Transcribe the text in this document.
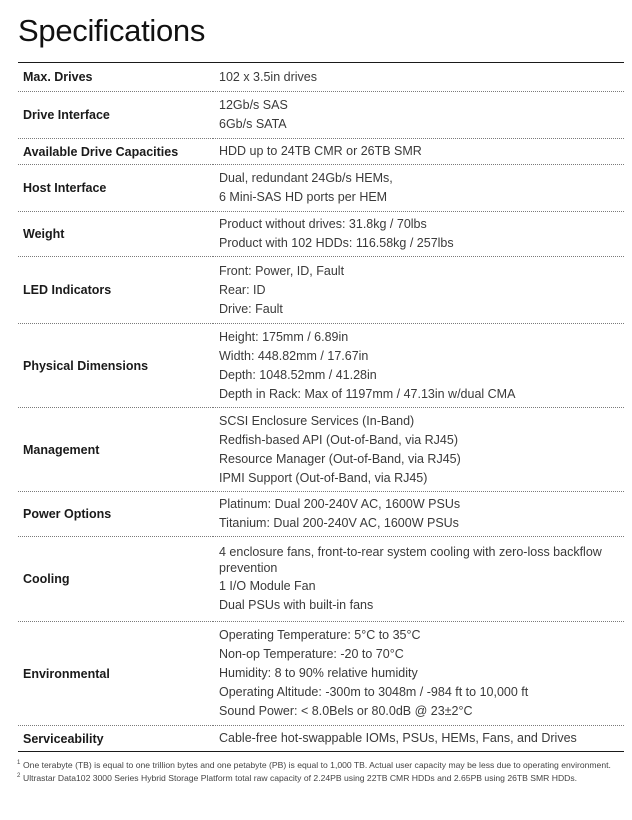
Specifications
Max. Drives	102 x 3.5in drives

Drive Interface	12Gb/s SAS
6Gb/s SATA

Available Drive Capacities	HDD up to 24TB CMR or 26TB SMR

Host Interface	Dual, redundant 24Gb/s HEMs,
6 Mini-SAS HD ports per HEM

Weight	Product without drives: 31.8kg / 70lbs
Product with 102 HDDs: 116.58kg / 257lbs

LED Indicators	Front: Power, ID, Fault
Rear: ID
Drive: Fault

Physical Dimensions	Height: 175mm / 6.89in
Width: 448.82mm / 17.67in
Depth: 1048.52mm / 41.28in
Depth in Rack: Max of 1197mm / 47.13in w/dual CMA

Management	SCSI Enclosure Services (In-Band)
Redfish-based API (Out-of-Band, via RJ45)
Resource Manager (Out-of-Band, via RJ45)
IPMI Support (Out-of-Band, via RJ45)

Power Options	Platinum: Dual 200-240V AC, 1600W PSUs
Titanium: Dual 200-240V AC, 1600W PSUs

Cooling	4 enclosure fans, front-to-rear system cooling with zero-loss backflow prevention
1 I/O Module Fan
Dual PSUs with built-in fans

Environmental	Operating Temperature: 5°C to 35°C
Non-op Temperature: -20 to 70°C
Humidity: 8 to 90% relative humidity
Operating Altitude: -300m to 3048m / -984 ft to 10,000 ft
Sound Power: < 8.0Bels or 80.0dB @ 23±2°C

Serviceability	Cable-free hot-swappable IOMs, PSUs, HEMs, Fans, and Drives
1 One terabyte (TB) is equal to one trillion bytes and one petabyte (PB) is equal to 1,000 TB. Actual user capacity may be less due to operating environment.
2 Ultrastar Data102 3000 Series Hybrid Storage Platform total raw capacity of 2.24PB using 22TB CMR HDDs and 2.65PB using 26TB SMR HDDs.
